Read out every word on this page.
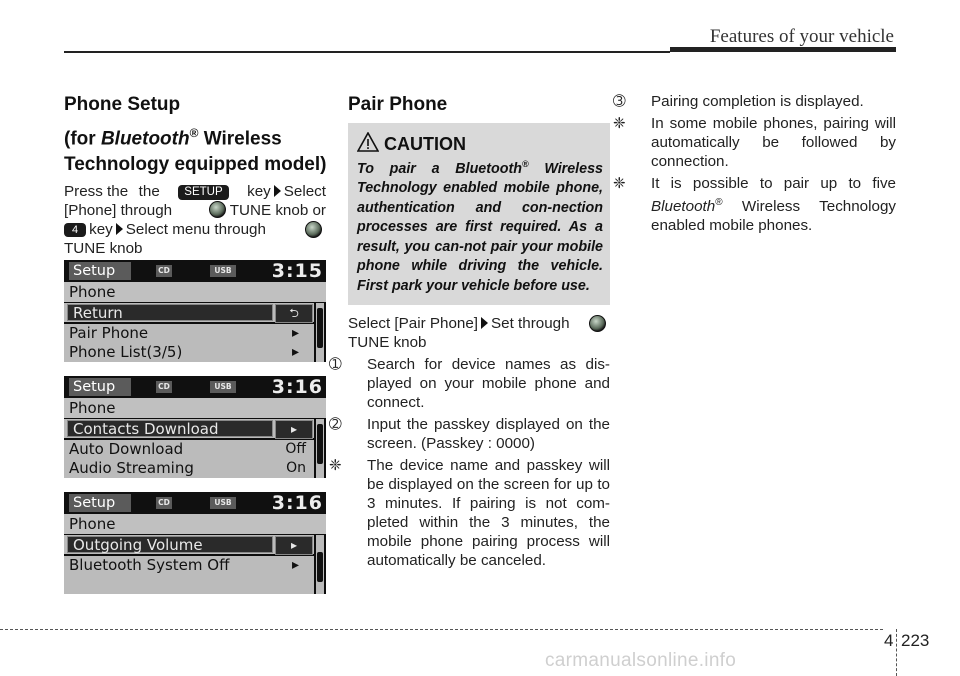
Features of your vehicle
Phone Setup
(for Bluetooth® Wireless
Technology equipped model)
Press the the	SETUP	key Select
[Phone] through	TUNE knob or
4 key Select menu through
TUNE knob
Setup	CD	USB 3:15
Phone
Return	⮌
Pair Phone	▸
Phone List(3/5)	▸
Setup	CD	USB 3:16
Phone
Contacts Download	▸
Auto Download	Off
Audio Streaming	On
Setup	CD	USB 3:16
Phone
Outgoing Volume	▸
Bluetooth System Off	▸
Pair Phone
CAUTION
To pair a Bluetooth® Wireless Technology enabled mobile phone, authentication and con-nection processes are first required. As a result, you can-not pair your mobile phone while driving the vehicle. First park your vehicle before use.
Select [Pair Phone] Set through
TUNE knob
➀ Search for device names as dis-played on your mobile phone and connect.
➁ Input the passkey displayed on the screen. (Passkey : 0000)
❈ The device name and passkey will be displayed on the screen for up to 3 minutes. If pairing is not com-pleted within the 3 minutes, the mobile phone pairing process will automatically be canceled.
➂ Pairing completion is displayed.
❈ In some mobile phones, pairing will automatically be followed by connection.
❈ It is possible to pair up to five Bluetooth® Wireless Technology enabled mobile phones.
4 223
carmanualsonline.info
